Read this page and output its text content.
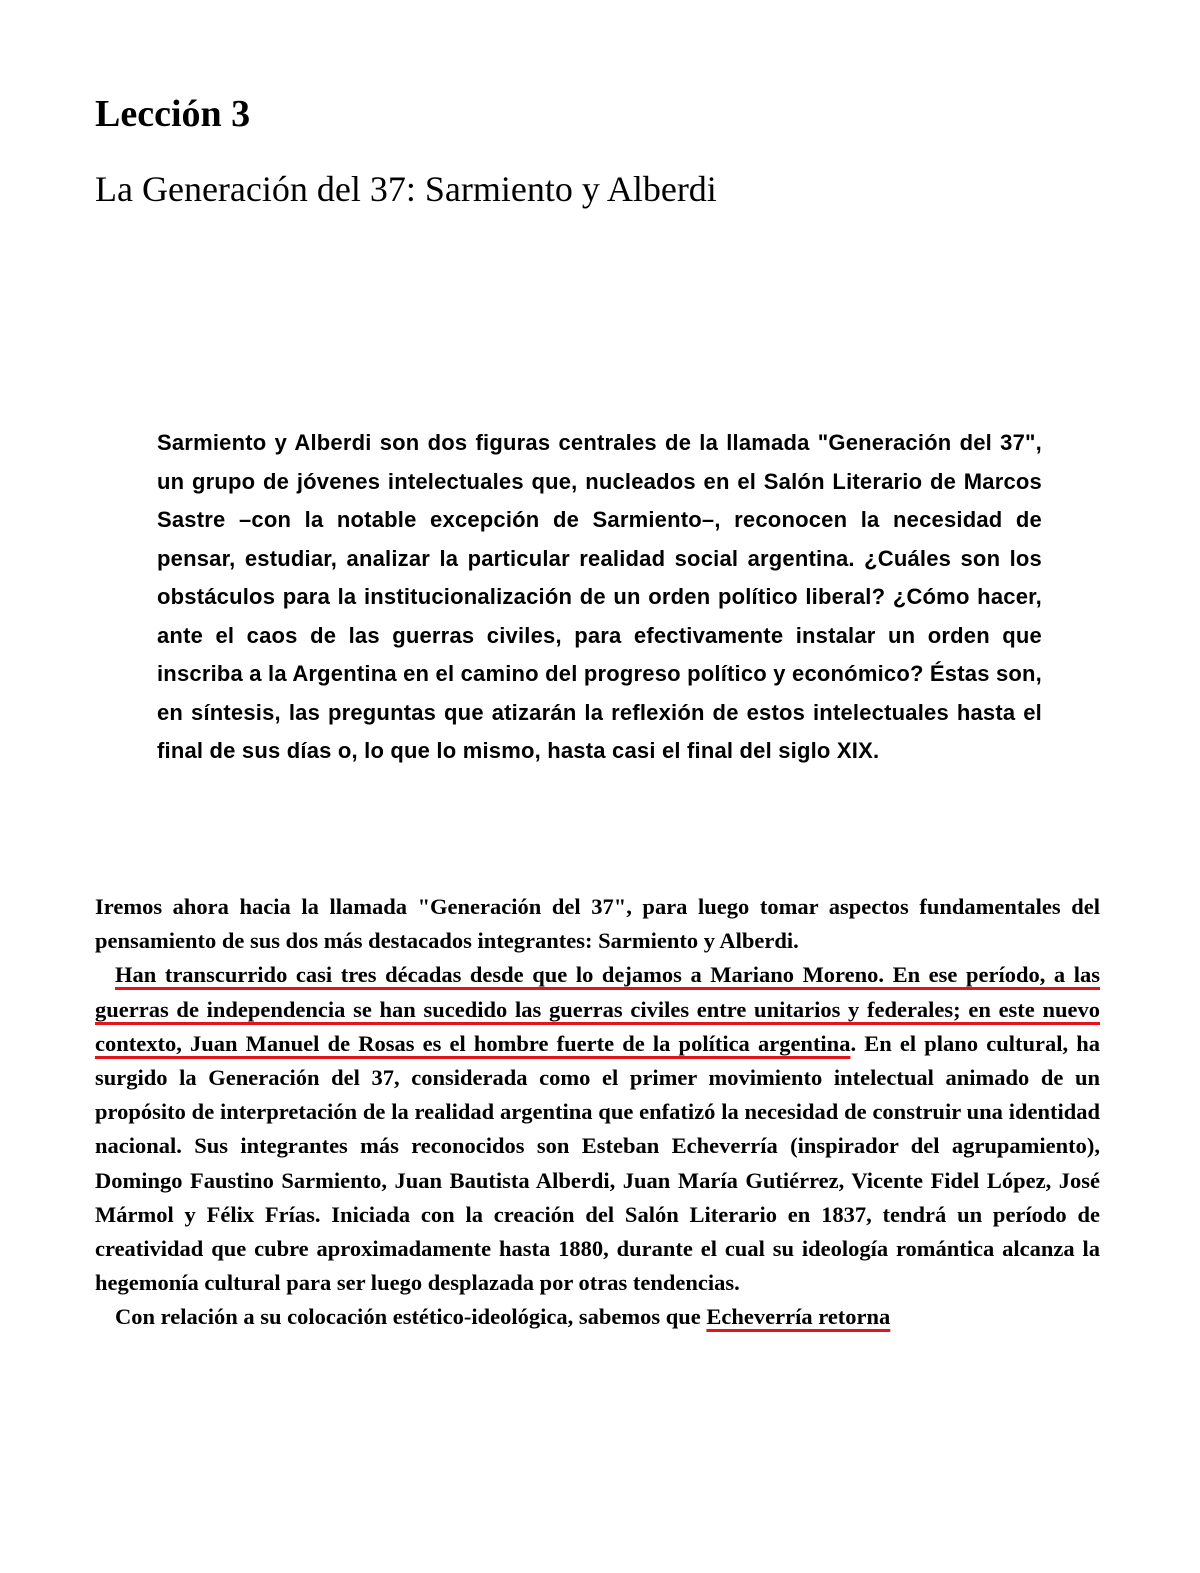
Lección 3
La Generación del 37: Sarmiento y Alberdi

Sarmiento y Alberdi son dos figuras centrales de la llamada "Generación del 37", un grupo de jóvenes intelectuales que, nucleados en el Salón Literario de Marcos Sastre –con la notable excepción de Sarmiento–, reconocen la necesidad de pensar, estudiar, analizar la particular realidad social argentina. ¿Cuáles son los obstáculos para la institucionalización de un orden político liberal? ¿Cómo hacer, ante el caos de las guerras civiles, para efectivamente instalar un orden que inscriba a la Argentina en el camino del progreso político y económico? Éstas son, en síntesis, las preguntas que atizarán la reflexión de estos intelectuales hasta el final de sus días o, lo que lo mismo, hasta casi el final del siglo XIX.

Iremos ahora hacia la llamada "Generación del 37", para luego tomar aspectos fundamentales del pensamiento de sus dos más destacados integrantes: Sarmiento y Alberdi.

Han transcurrido casi tres décadas desde que lo dejamos a Mariano Moreno. En ese período, a las guerras de independencia se han sucedido las guerras civiles entre unitarios y federales; en este nuevo contexto, Juan Manuel de Rosas es el hombre fuerte de la política argentina. En el plano cultural, ha surgido la Generación del 37, considerada como el primer movimiento intelectual animado de un propósito de interpretación de la realidad argentina que enfatizó la necesidad de construir una identidad nacional. Sus integrantes más reconocidos son Esteban Echeverría (inspirador del agrupamiento), Domingo Faustino Sarmiento, Juan Bautista Alberdi, Juan María Gutiérrez, Vicente Fidel López, José Mármol y Félix Frías. Iniciada con la creación del Salón Literario en 1837, tendrá un período de creatividad que cubre aproximadamente hasta 1880, durante el cual su ideología romántica alcanza la hegemonía cultural para ser luego desplazada por otras tendencias.

Con relación a su colocación estético-ideológica, sabemos que Echeverría retorna
